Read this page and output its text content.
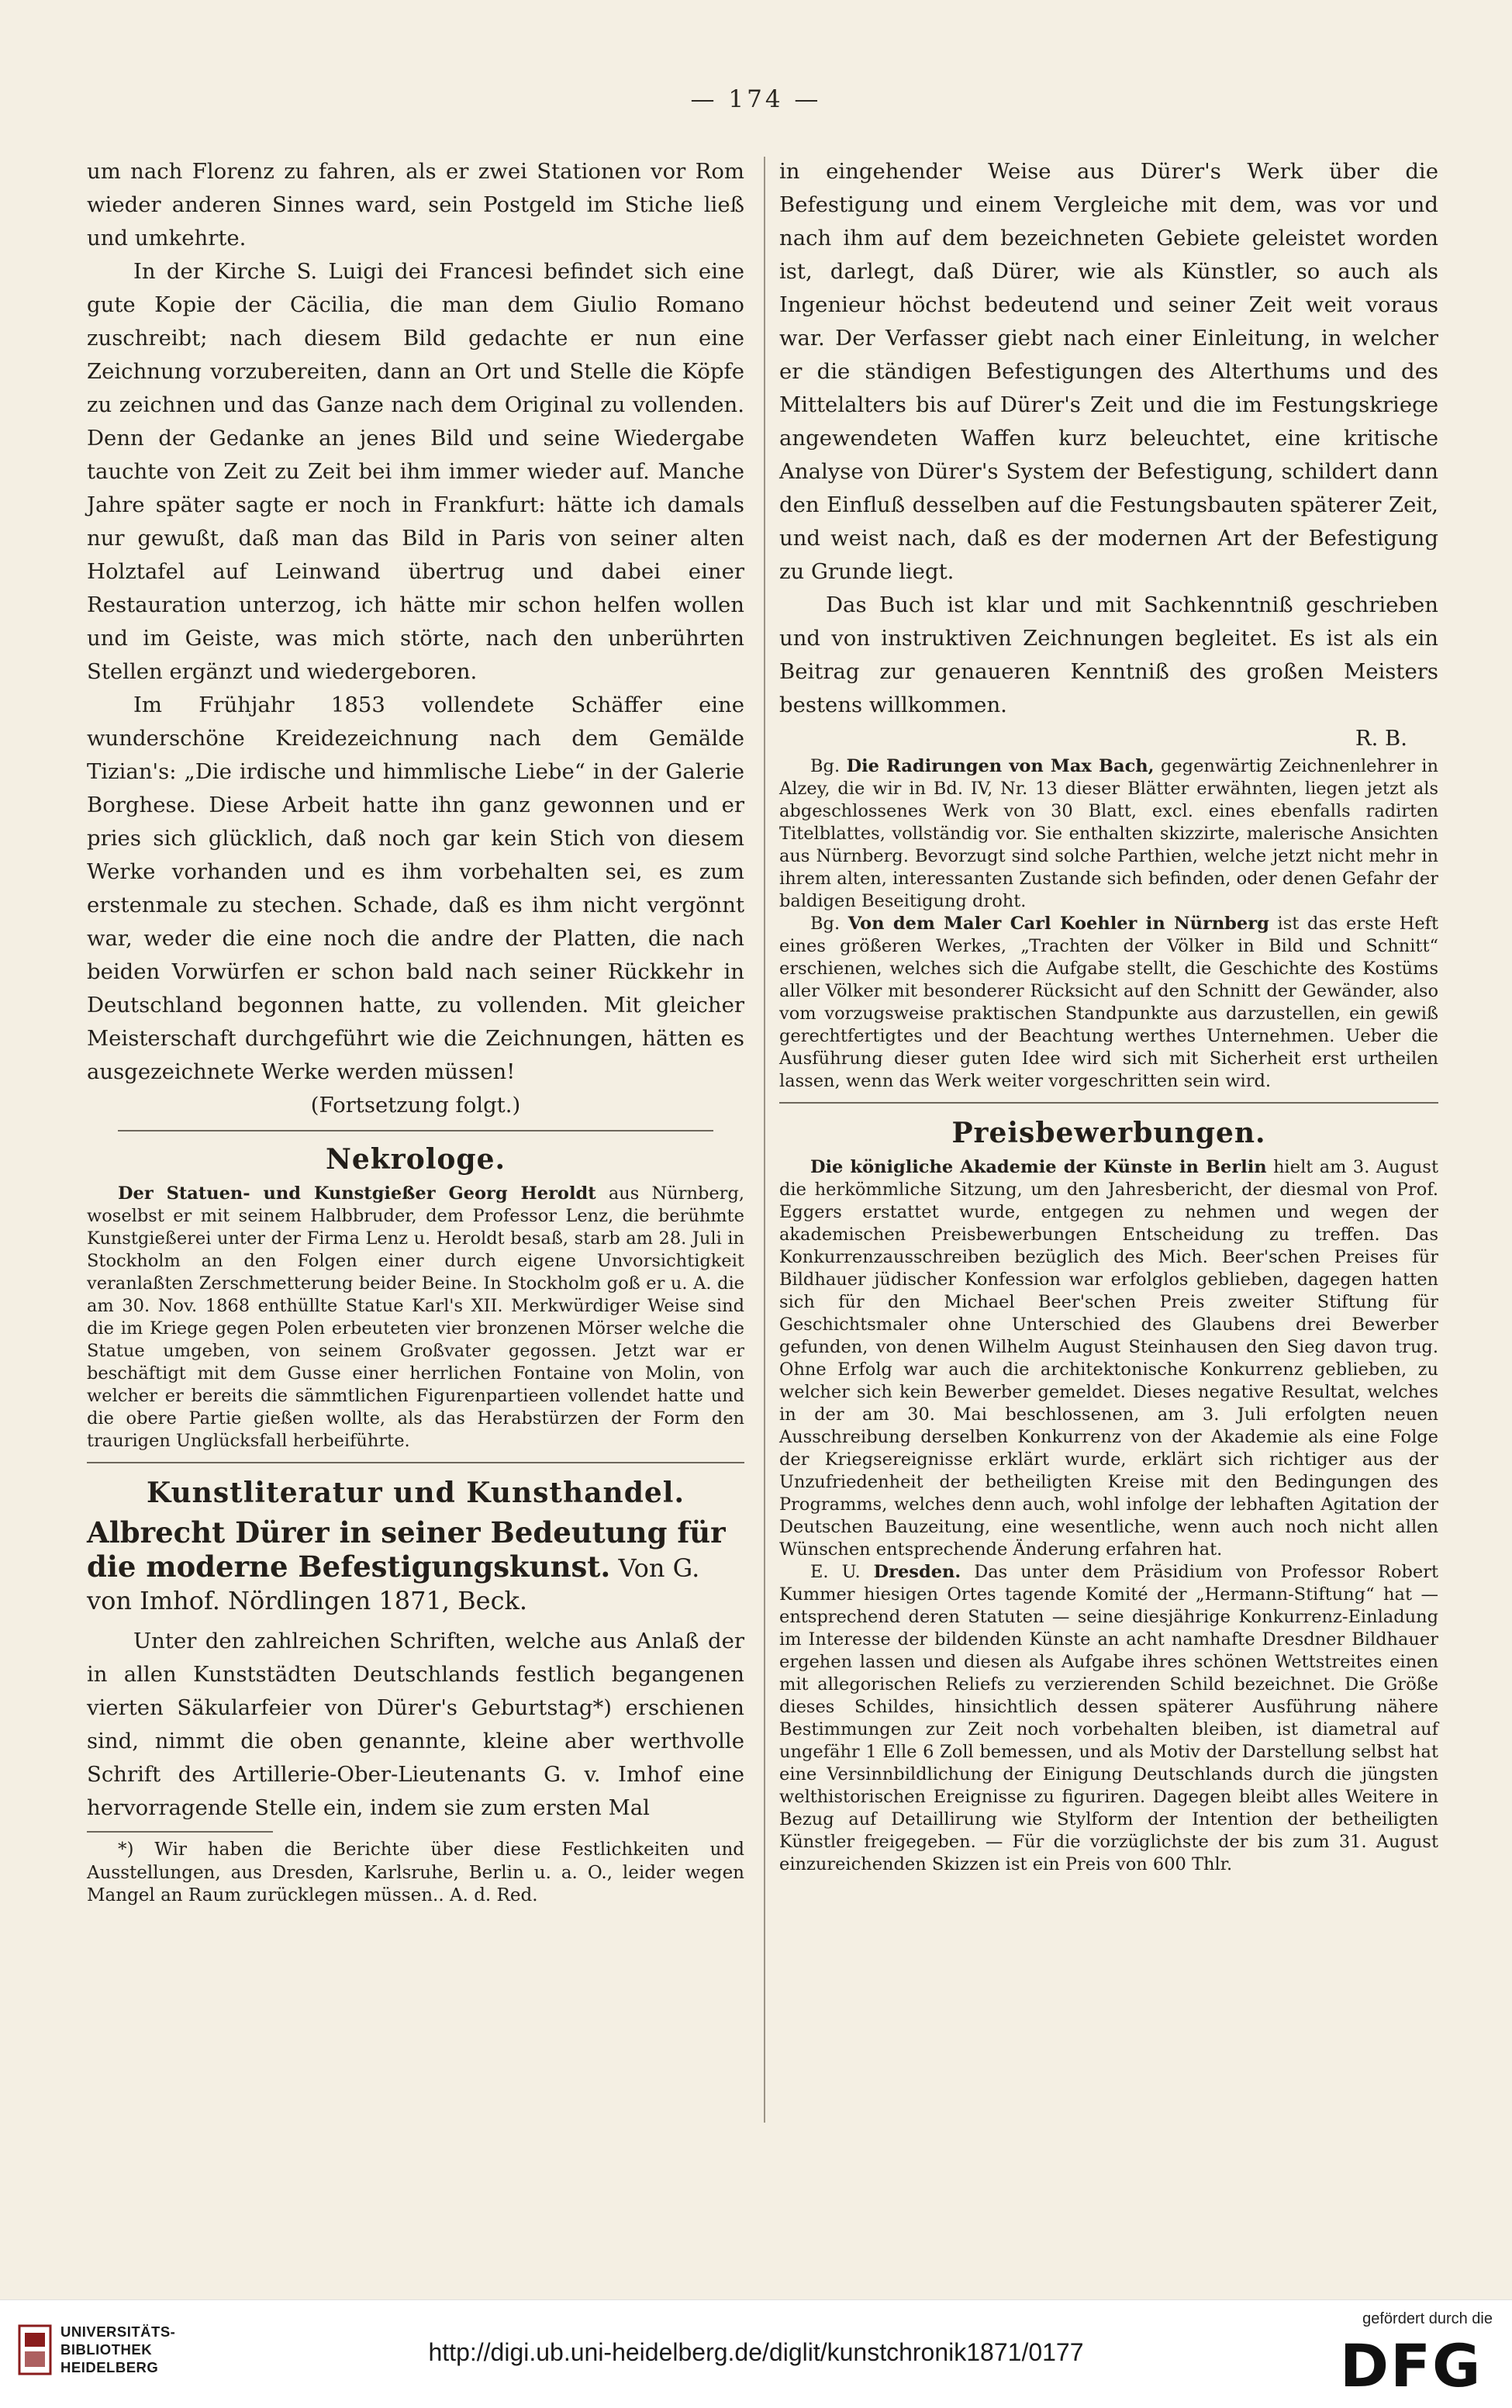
— 174 —

um nach Florenz zu fahren, als er zwei Stationen vor Rom wieder anderen Sinnes ward, sein Postgeld im Stiche ließ und umkehrte.

In der Kirche S. Luigi dei Francesi befindet sich eine gute Kopie der Cäcilia, die man dem Giulio Romano zuschreibt; nach diesem Bild gedachte er nun eine Zeichnung vorzubereiten, dann an Ort und Stelle die Köpfe zu zeichnen und das Ganze nach dem Original zu vollenden. Denn der Gedanke an jenes Bild und seine Wiedergabe tauchte von Zeit zu Zeit bei ihm immer wieder auf. Manche Jahre später sagte er noch in Frankfurt: hätte ich damals nur gewußt, daß man das Bild in Paris von seiner alten Holztafel auf Leinwand übertrug und dabei einer Restauration unterzog, ich hätte mir schon helfen wollen und im Geiste, was mich störte, nach den unberührten Stellen ergänzt und wiedergeboren.

Im Frühjahr 1853 vollendete Schäffer eine wunderschöne Kreidezeichnung nach dem Gemälde Tizian's: „Die irdische und himmlische Liebe“ in der Galerie Borghese. Diese Arbeit hatte ihn ganz gewonnen und er pries sich glücklich, daß noch gar kein Stich von diesem Werke vorhanden und es ihm vorbehalten sei, es zum erstenmale zu stechen. Schade, daß es ihm nicht vergönnt war, weder die eine noch die andre der Platten, die nach beiden Vorwürfen er schon bald nach seiner Rückkehr in Deutschland begonnen hatte, zu vollenden. Mit gleicher Meisterschaft durchgeführt wie die Zeichnungen, hätten es ausgezeichnete Werke werden müssen!

(Fortsetzung folgt.)

Nekrologe.

Der Statuen- und Kunstgießer Georg Heroldt aus Nürnberg, woselbst er mit seinem Halbbruder, dem Professor Lenz, die berühmte Kunstgießerei unter der Firma Lenz u. Heroldt besaß, starb am 28. Juli in Stockholm an den Folgen einer durch eigene Unvorsichtigkeit veranlaßten Zerschmetterung beider Beine. In Stockholm goß er u. A. die am 30. Nov. 1868 enthüllte Statue Karl's XII. Merkwürdiger Weise sind die im Kriege gegen Polen erbeuteten vier bronzenen Mörser welche die Statue umgeben, von seinem Großvater gegossen. Jetzt war er beschäftigt mit dem Gusse einer herrlichen Fontaine von Molin, von welcher er bereits die sämmtlichen Figurenpartieen vollendet hatte und die obere Partie gießen wollte, als das Herabstürzen der Form den traurigen Unglücksfall herbeiführte.

Kunstliteratur und Kunsthandel.
Albrecht Dürer in seiner Bedeutung für die moderne Befestigungskunst. Von G. von Imhof. Nördlingen 1871, Beck.

Unter den zahlreichen Schriften, welche aus Anlaß der in allen Kunststädten Deutschlands festlich begangenen vierten Säkularfeier von Dürer's Geburtstag*) erschienen sind, nimmt die oben genannte, kleine aber werthvolle Schrift des Artillerie-Ober-Lieutenants G. v. Imhof eine hervorragende Stelle ein, indem sie zum ersten Mal

*) Wir haben die Berichte über diese Festlichkeiten und Ausstellungen, aus Dresden, Karlsruhe, Berlin u. a. O., leider wegen Mangel an Raum zurücklegen müssen.. A. d. Red.

in eingehender Weise aus Dürer's Werk über die Befestigung und einem Vergleiche mit dem, was vor und nach ihm auf dem bezeichneten Gebiete geleistet worden ist, darlegt, daß Dürer, wie als Künstler, so auch als Ingenieur höchst bedeutend und seiner Zeit weit voraus war. Der Verfasser giebt nach einer Einleitung, in welcher er die ständigen Befestigungen des Alterthums und des Mittelalters bis auf Dürer's Zeit und die im Festungskriege angewendeten Waffen kurz beleuchtet, eine kritische Analyse von Dürer's System der Befestigung, schildert dann den Einfluß desselben auf die Festungsbauten späterer Zeit, und weist nach, daß es der modernen Art der Befestigung zu Grunde liegt.

Das Buch ist klar und mit Sachkenntniß geschrieben und von instruktiven Zeichnungen begleitet. Es ist als ein Beitrag zur genaueren Kenntniß des großen Meisters bestens willkommen.

R. B.

Bg. Die Radirungen von Max Bach, gegenwärtig Zeichnenlehrer in Alzey, die wir in Bd. IV, Nr. 13 dieser Blätter erwähnten, liegen jetzt als abgeschlossenes Werk von 30 Blatt, excl. eines ebenfalls radirten Titelblattes, vollständig vor. Sie enthalten skizzirte, malerische Ansichten aus Nürnberg. Bevorzugt sind solche Parthien, welche jetzt nicht mehr in ihrem alten, interessanten Zustande sich befinden, oder denen Gefahr der baldigen Beseitigung droht.

Bg. Von dem Maler Carl Koehler in Nürnberg ist das erste Heft eines größeren Werkes, „Trachten der Völker in Bild und Schnitt“ erschienen, welches sich die Aufgabe stellt, die Geschichte des Kostüms aller Völker mit besonderer Rücksicht auf den Schnitt der Gewänder, also vom vorzugsweise praktischen Standpunkte aus darzustellen, ein gewiß gerechtfertigtes und der Beachtung werthes Unternehmen. Ueber die Ausführung dieser guten Idee wird sich mit Sicherheit erst urtheilen lassen, wenn das Werk weiter vorgeschritten sein wird.

Preisbewerbungen.

Die königliche Akademie der Künste in Berlin hielt am 3. August die herkömmliche Sitzung, um den Jahresbericht, der diesmal von Prof. Eggers erstattet wurde, entgegen zu nehmen und wegen der akademischen Preisbewerbungen Entscheidung zu treffen. Das Konkurrenzausschreiben bezüglich des Mich. Beer'schen Preises für Bildhauer jüdischer Konfession war erfolglos geblieben, dagegen hatten sich für den Michael Beer'schen Preis zweiter Stiftung für Geschichtsmaler ohne Unterschied des Glaubens drei Bewerber gefunden, von denen Wilhelm August Steinhausen den Sieg davon trug. Ohne Erfolg war auch die architektonische Konkurrenz geblieben, zu welcher sich kein Bewerber gemeldet. Dieses negative Resultat, welches in der am 30. Mai beschlossenen, am 3. Juli erfolgten neuen Ausschreibung derselben Konkurrenz von der Akademie als eine Folge der Kriegsereignisse erklärt wurde, erklärt sich richtiger aus der Unzufriedenheit der betheiligten Kreise mit den Bedingungen des Programms, welches denn auch, wohl infolge der lebhaften Agitation der Deutschen Bauzeitung, eine wesentliche, wenn auch noch nicht allen Wünschen entsprechende Änderung erfahren hat.

E. U. Dresden. Das unter dem Präsidium von Professor Robert Kummer hiesigen Ortes tagende Komité der „Hermann-Stiftung“ hat — entsprechend deren Statuten — seine diesjährige Konkurrenz-Einladung im Interesse der bildenden Künste an acht namhafte Dresdner Bildhauer ergehen lassen und diesen als Aufgabe ihres schönen Wettstreites einen mit allegorischen Reliefs zu verzierenden Schild bezeichnet. Die Größe dieses Schildes, hinsichtlich dessen späterer Ausführung nähere Bestimmungen zur Zeit noch vorbehalten bleiben, ist diametral auf ungefähr 1 Elle 6 Zoll bemessen, und als Motiv der Darstellung selbst hat eine Versinnbildlichung der Einigung Deutschlands durch die jüngsten welthistorischen Ereignisse zu figuriren. Dagegen bleibt alles Weitere in Bezug auf Detaillirung wie Stylform der Intention der betheiligten Künstler freigegeben. — Für die vorzüglichste der bis zum 31. August einzureichenden Skizzen ist ein Preis von 600 Thlr.

UNIVERSITÄTS-
BIBLIOTHEK
HEIDELBERG
http://digi.ub.uni-heidelberg.de/diglit/kunstchronik1871/0177
gefördert durch die
DFG
